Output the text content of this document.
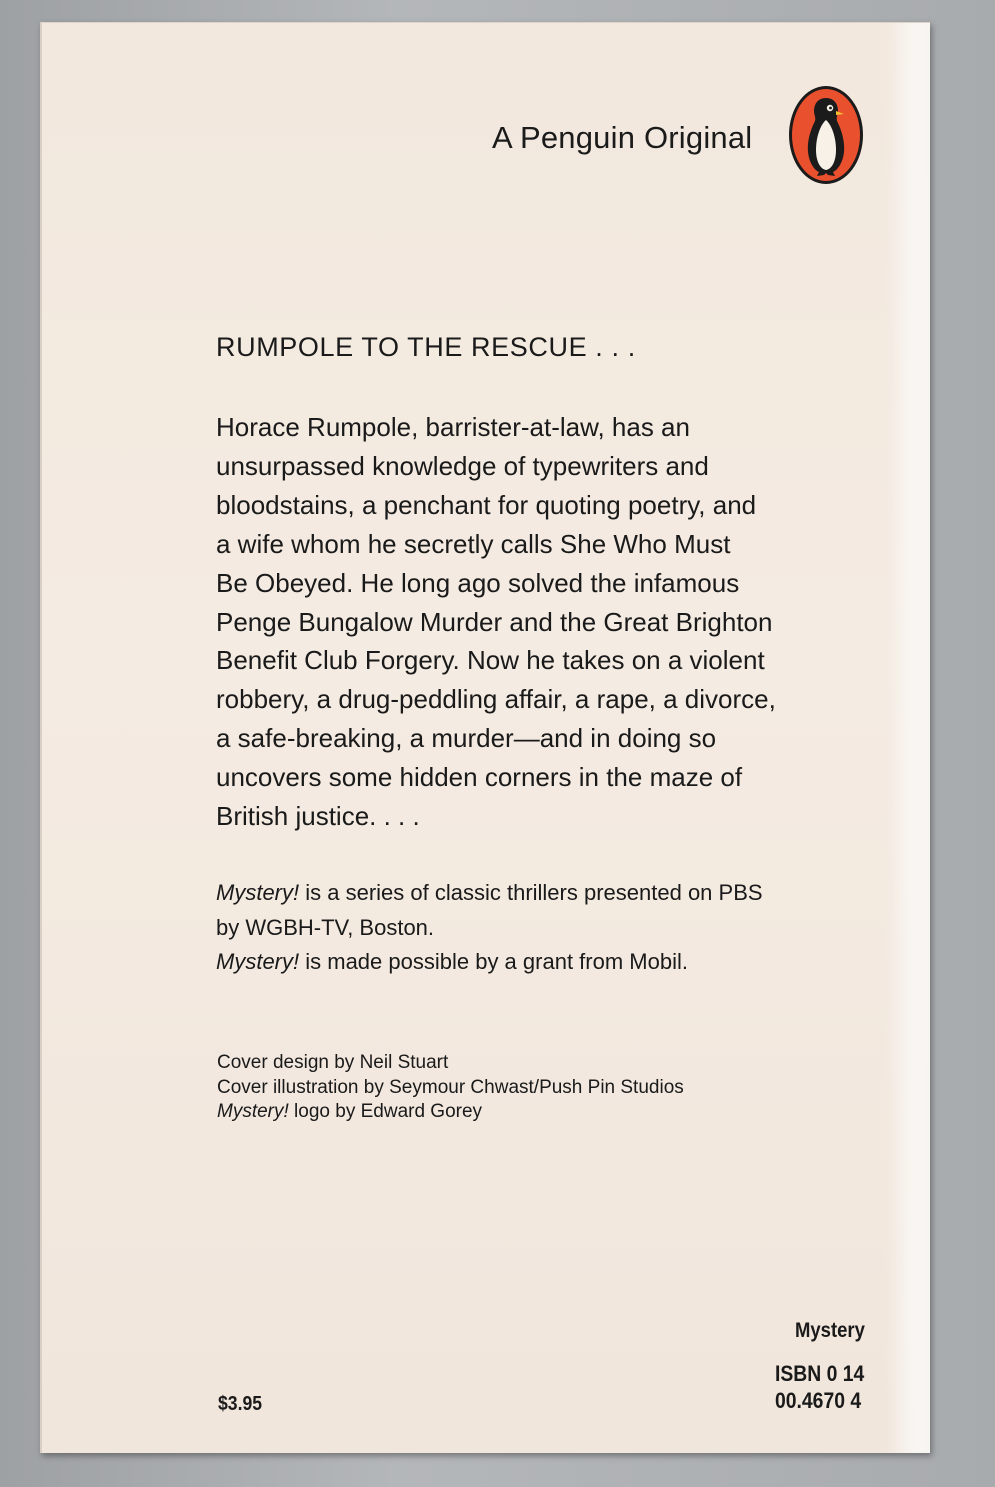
A Penguin Original
RUMPOLE TO THE RESCUE . . .
Horace Rumpole, barrister-at-law, has an
unsurpassed knowledge of typewriters and
bloodstains, a penchant for quoting poetry, and
a wife whom he secretly calls She Who Must
Be Obeyed. He long ago solved the infamous
Penge Bungalow Murder and the Great Brighton
Benefit Club Forgery. Now he takes on a violent
robbery, a drug-peddling affair, a rape, a divorce,
a safe-breaking, a murder—and in doing so
uncovers some hidden corners in the maze of
British justice. . . .
Mystery! is a series of classic thrillers presented on PBS
by WGBH-TV, Boston.
Mystery! is made possible by a grant from Mobil.
Cover design by Neil Stuart
Cover illustration by Seymour Chwast/Push Pin Studios
Mystery! logo by Edward Gorey
Mystery
ISBN 0 14
00.4670 4
$3.95
